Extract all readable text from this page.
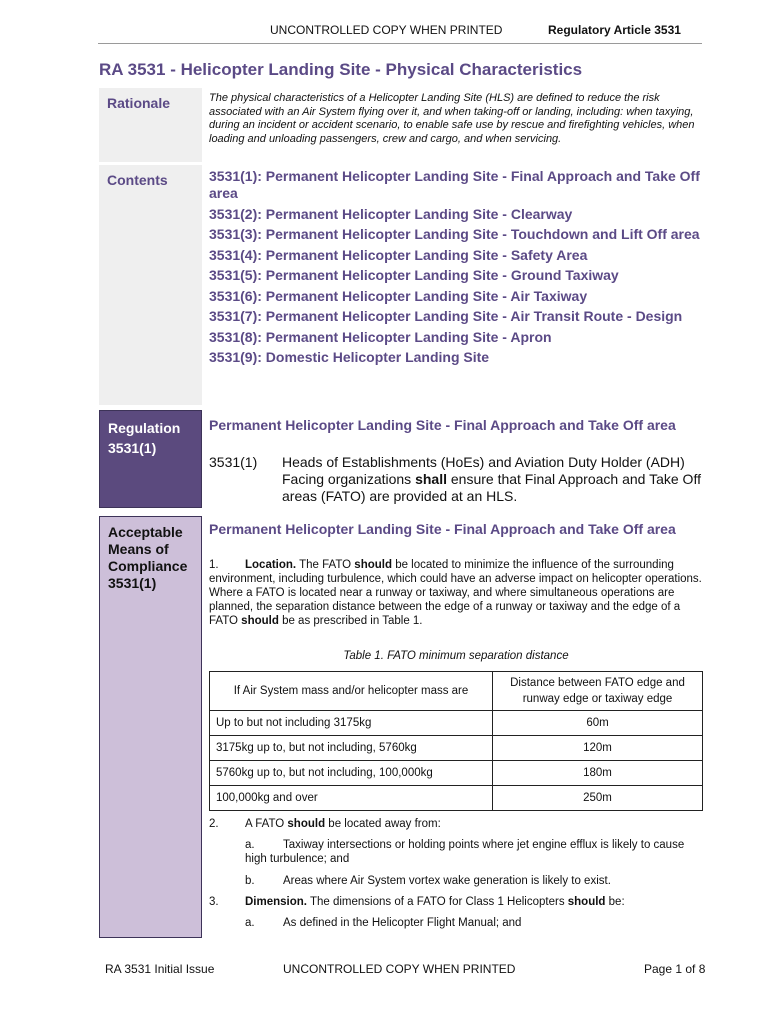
UNCONTROLLED COPY WHEN PRINTED	Regulatory Article 3531
RA 3531 - Helicopter Landing Site - Physical Characteristics
Rationale	The physical characteristics of a Helicopter Landing Site (HLS) are defined to reduce the risk associated with an Air System flying over it, and when taking-off or landing, including: when taxying, during an incident or accident scenario, to enable safe use by rescue and firefighting vehicles, when loading and unloading passengers, crew and cargo, and when servicing.
Contents	3531(1): Permanent Helicopter Landing Site - Final Approach and Take Off area
3531(2): Permanent Helicopter Landing Site - Clearway
3531(3): Permanent Helicopter Landing Site - Touchdown and Lift Off area
3531(4): Permanent Helicopter Landing Site - Safety Area
3531(5): Permanent Helicopter Landing Site - Ground Taxiway
3531(6): Permanent Helicopter Landing Site - Air Taxiway
3531(7): Permanent Helicopter Landing Site - Air Transit Route - Design
3531(8): Permanent Helicopter Landing Site - Apron
3531(9): Domestic Helicopter Landing Site
Regulation
3531(1)
Permanent Helicopter Landing Site - Final Approach and Take Off area
3531(1) Heads of Establishments (HoEs) and Aviation Duty Holder (ADH) Facing organizations shall ensure that Final Approach and Take Off areas (FATO) are provided at an HLS.
Acceptable
Means of
Compliance
3531(1)
Permanent Helicopter Landing Site - Final Approach and Take Off area
1. Location. The FATO should be located to minimize the influence of the surrounding environment, including turbulence, which could have an adverse impact on helicopter operations. Where a FATO is located near a runway or taxiway, and where simultaneous operations are planned, the separation distance between the edge of a runway or taxiway and the edge of a FATO should be as prescribed in Table 1.
Table 1. FATO minimum separation distance
If Air System mass and/or helicopter mass are	Distance between FATO edge and runway edge or taxiway edge
Up to but not including 3175kg	60m
3175kg up to, but not including, 5760kg	120m
5760kg up to, but not including, 100,000kg	180m
100,000kg and over	250m
2. A FATO should be located away from:
a. Taxiway intersections or holding points where jet engine efflux is likely to cause high turbulence; and
b. Areas where Air System vortex wake generation is likely to exist.
3. Dimension. The dimensions of a FATO for Class 1 Helicopters should be:
a. As defined in the Helicopter Flight Manual; and
RA 3531 Initial Issue	UNCONTROLLED COPY WHEN PRINTED	Page 1 of 8
